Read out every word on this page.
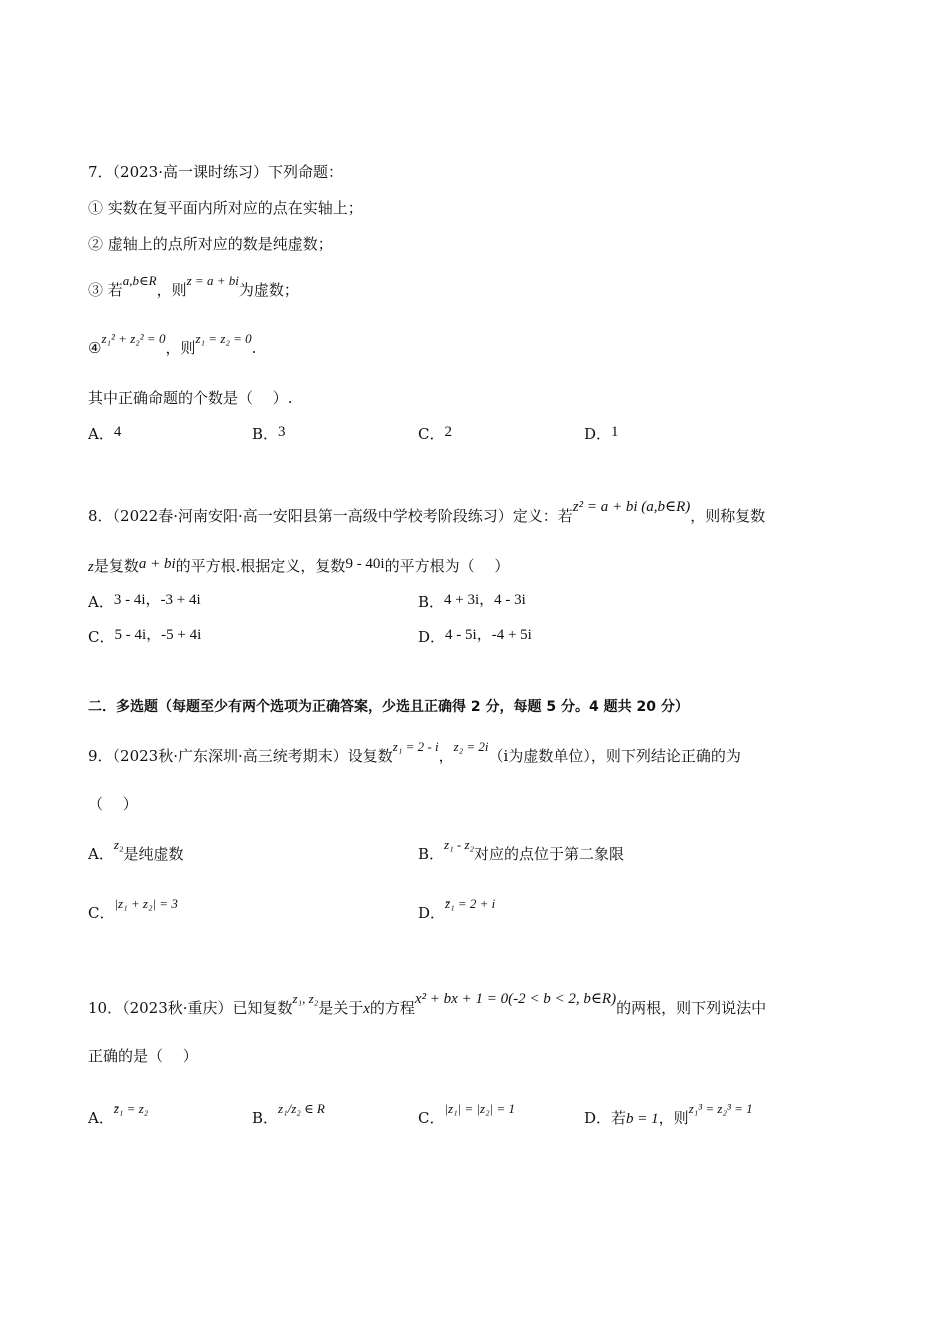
7．（2023·高一课时练习）下列命题：
① 实数在复平面内所对应的点在实轴上；
② 虚轴上的点所对应的数是纯虚数；
③ 若a,b∈R，则z = a + bi为虚数；
④z₁² + z₂² = 0，则z₁ = z₂ = 0.
其中正确命题的个数是（　 ）.
A．4	B．3	C．2	D．1
8．（2022春·河南安阳·高一安阳县第一高级中学校考阶段练习）定义：若z² = a + bi (a,b∈R)，则称复数
z是复数a + bi的平方根.根据定义，复数9 - 40i的平方根为（　 ）
A．3 - 4i，-3 + 4i	B．4 + 3i，4 - 3i
C．5 - 4i，-5 + 4i	D．4 - 5i，-4 + 5i
二．多选题（每题至少有两个选项为正确答案，少选且正确得 2 分，每题 5 分。4 题共 20 分）
9．（2023秋·广东深圳·高三统考期末）设复数z₁ = 2 - i，z₂ = 2i（i为虚数单位），则下列结论正确的为
（　 ）
A．z₂是纯虚数	B．z₁ - z₂对应的点位于第二象限
C．|z₁ + z₂| = 3
D．z̄₁ = 2 + i
10．（2023秋·重庆）已知复数z₁, z₂是关于x的方程x² + bx + 1 = 0(-2 < b < 2, b∈R)的两根，则下列说法中
正确的是（　 ）
A．z̄₁ = z₂
B．z₁/z₂ ∈ R
C．|z₁| = |z₂| = 1
D．若b = 1，则z₁³ = z₂³ = 1
